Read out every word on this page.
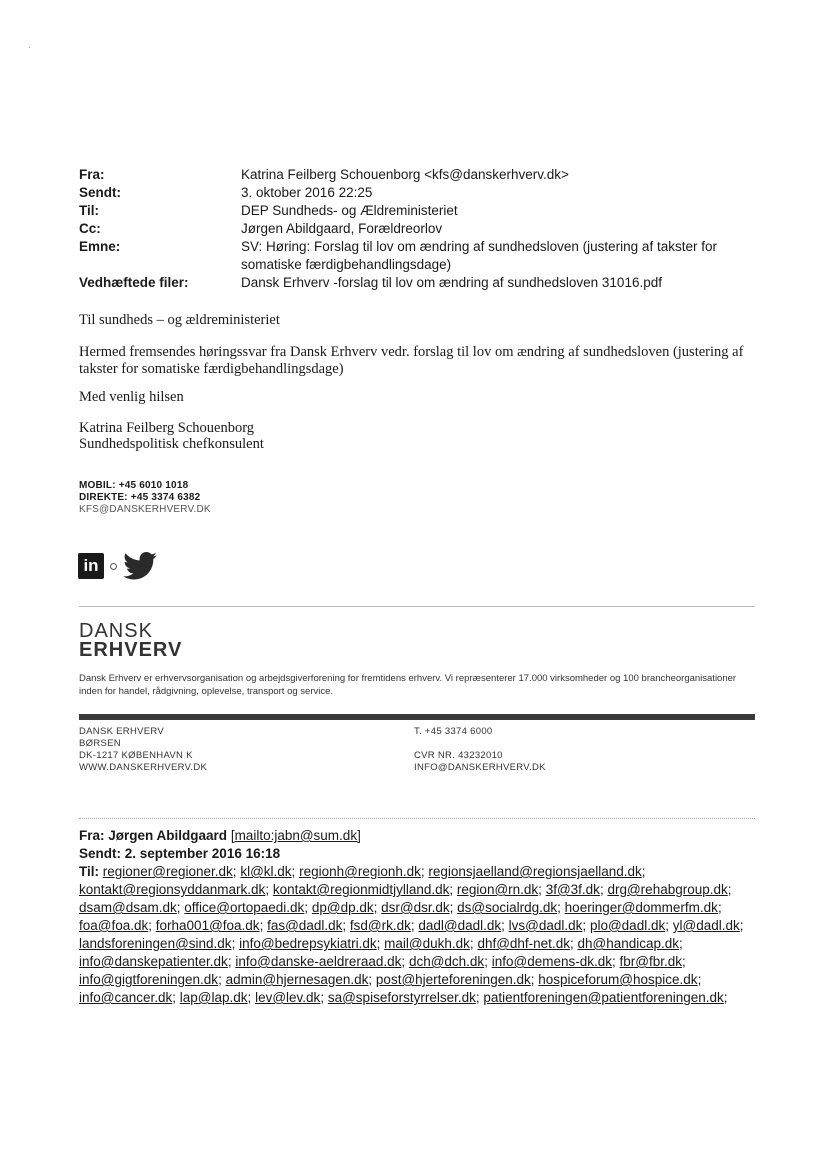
·
Fra:	Katrina Feilberg Schouenborg <kfs@danskerhverv.dk>
Sendt:	3. oktober 2016 22:25
Til:	DEP Sundheds- og Ældreministeriet
Cc:	Jørgen Abildgaard, Forældreorlov
Emne:	SV: Høring: Forslag til lov om ændring af sundhedsloven (justering af takster for somatiske færdigbehandlingsdage)
Vedhæftede filer:	Dansk Erhverv -forslag til lov om ændring af sundhedsloven 31016.pdf
Til sundheds – og ældreministeriet
Hermed fremsendes høringssvar fra Dansk Erhverv vedr. forslag til lov om ændring af sundhedsloven (justering af takster for somatiske færdigbehandlingsdage)
Med venlig hilsen
Katrina Feilberg Schouenborg
Sundhedspolitisk chefkonsulent
MOBIL: +45 6010 1018
DIREKTE: +45 3374 6382
KFS@DANSKERHVERV.DK
in
DANSK
ERHVERV
Dansk Erhverv er erhvervsorganisation og arbejdsgiverforening for fremtidens erhverv. Vi repræsenterer 17.000 virksomheder og 100 brancheorganisationer inden for handel, rådgivning, oplevelse, transport og service.
DANSK ERHVERV
BØRSEN
DK-1217 KØBENHAVN K
WWW.DANSKERHVERV.DK
T. +45 3374 6000

CVR NR. 43232010
INFO@DANSKERHVERV.DK
Fra: Jørgen Abildgaard [mailto:jabn@sum.dk]
Sendt: 2. september 2016 16:18
Til: regioner@regioner.dk; kl@kl.dk; regionh@regionh.dk; regionsjaelland@regionsjaelland.dk; kontakt@regionsyddanmark.dk; kontakt@regionmidtjylland.dk; region@rn.dk; 3f@3f.dk; drg@rehabgroup.dk; dsam@dsam.dk; office@ortopaedi.dk; dp@dp.dk; dsr@dsr.dk; ds@socialrdg.dk; hoeringer@dommerfm.dk; foa@foa.dk; forha001@foa.dk; fas@dadl.dk; fsd@rk.dk; dadl@dadl.dk; lvs@dadl.dk; plo@dadl.dk; yl@dadl.dk; landsforeningen@sind.dk; info@bedrepsykiatri.dk; mail@dukh.dk; dhf@dhf-net.dk; dh@handicap.dk; info@danskepatienter.dk; info@danske-aeldreraad.dk; dch@dch.dk; info@demens-dk.dk; fbr@fbr.dk; info@gigtforeningen.dk; admin@hjernesagen.dk; post@hjerteforeningen.dk; hospiceforum@hospice.dk; info@cancer.dk; lap@lap.dk; lev@lev.dk; sa@spiseforstyrrelser.dk; patientforeningen@patientforeningen.dk;
